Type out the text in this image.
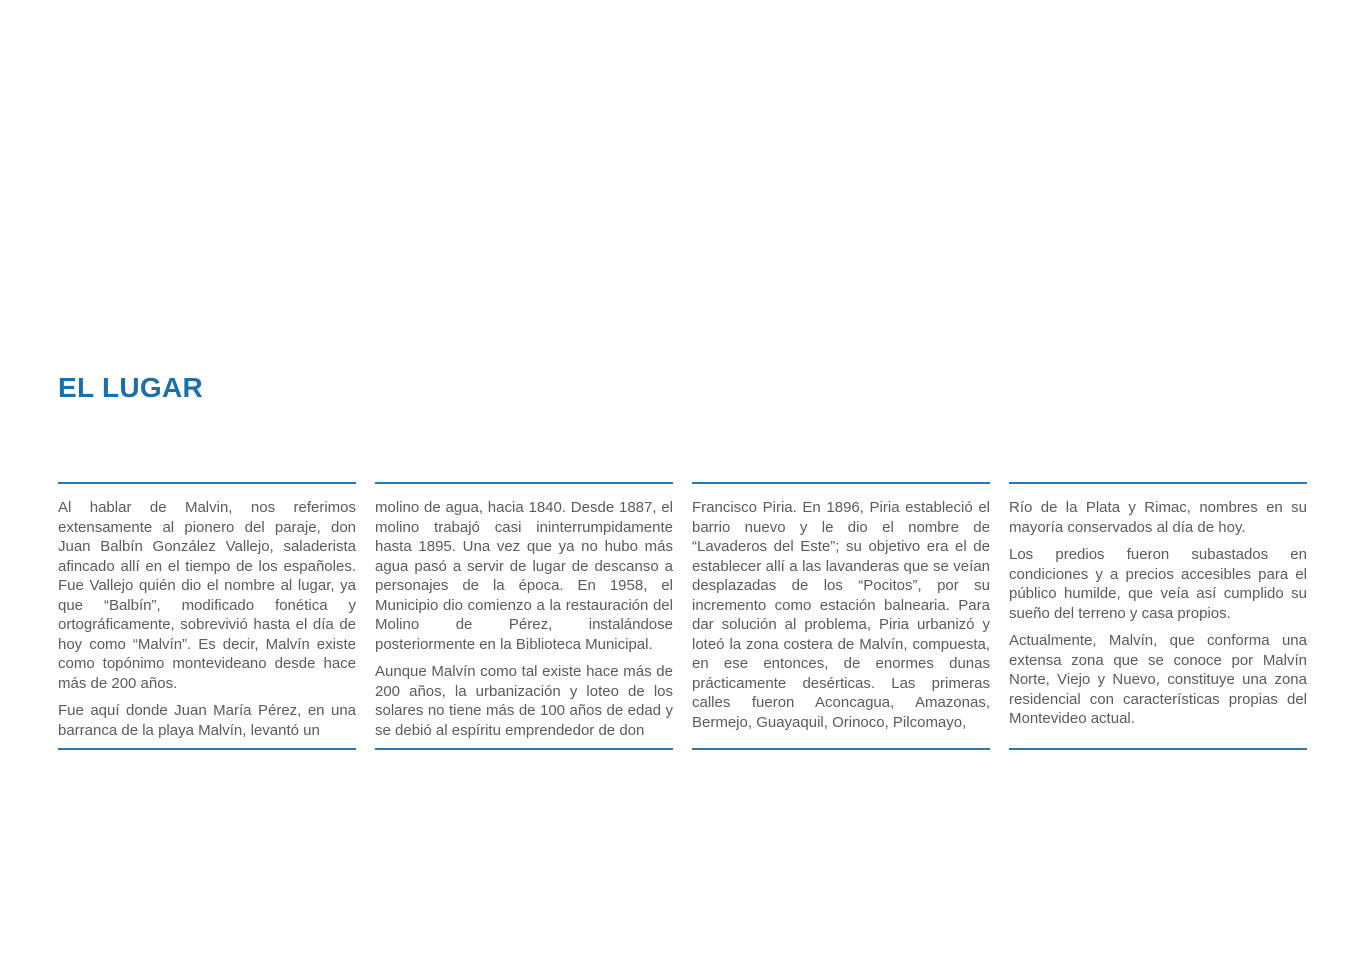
EL LUGAR

Al hablar de Malvin, nos referimos extensamente al pionero del paraje, don Juan Balbín González Vallejo, saladerista afincado allí en el tiempo de los españoles. Fue Vallejo quién dio el nombre al lugar, ya que “Balbín”, modificado fonética y ortográficamente, sobrevivió hasta el día de hoy como “Malvín”. Es decir, Malvín existe como topónimo montevideano desde hace más de 200 años.

Fue aquí donde Juan María Pérez, en una barranca de la playa Malvín, levantó un

molino de agua, hacia 1840. Desde 1887, el molino trabajó casi ininterrumpidamente hasta 1895. Una vez que ya no hubo más agua pasó a servir de lugar de descanso a personajes de la época. En 1958, el Municipio dio comienzo a la restauración del Molino de Pérez, instalándose posteriormente en la Biblioteca Municipal.

Aunque Malvín como tal existe hace más de 200 años, la urbanización y loteo de los solares no tiene más de 100 años de edad y se debió al espíritu emprendedor de don

Francisco Piria. En 1896, Piria estableció el barrio nuevo y le dio el nombre de “Lavaderos del Este”; su objetivo era el de establecer allí a las lavanderas que se veían desplazadas de los “Pocitos”, por su incremento como estación balnearia. Para dar solución al problema, Piria urbanizó y loteó la zona costera de Malvín, compuesta, en ese entonces, de enormes dunas prácticamente desérticas. Las primeras calles fueron Aconcagua, Amazonas, Bermejo, Guayaquil, Orinoco, Pilcomayo,

Río de la Plata y Rimac, nombres en su mayoría conservados al día de hoy.

Los predios fueron subastados en condiciones y a precios accesibles para el público humilde, que veía así cumplido su sueño del terreno y casa propios.

Actualmente, Malvín, que conforma una extensa zona que se conoce por Malvín Norte, Viejo y Nuevo, constituye una zona residencial con características propias del Montevideo actual.
